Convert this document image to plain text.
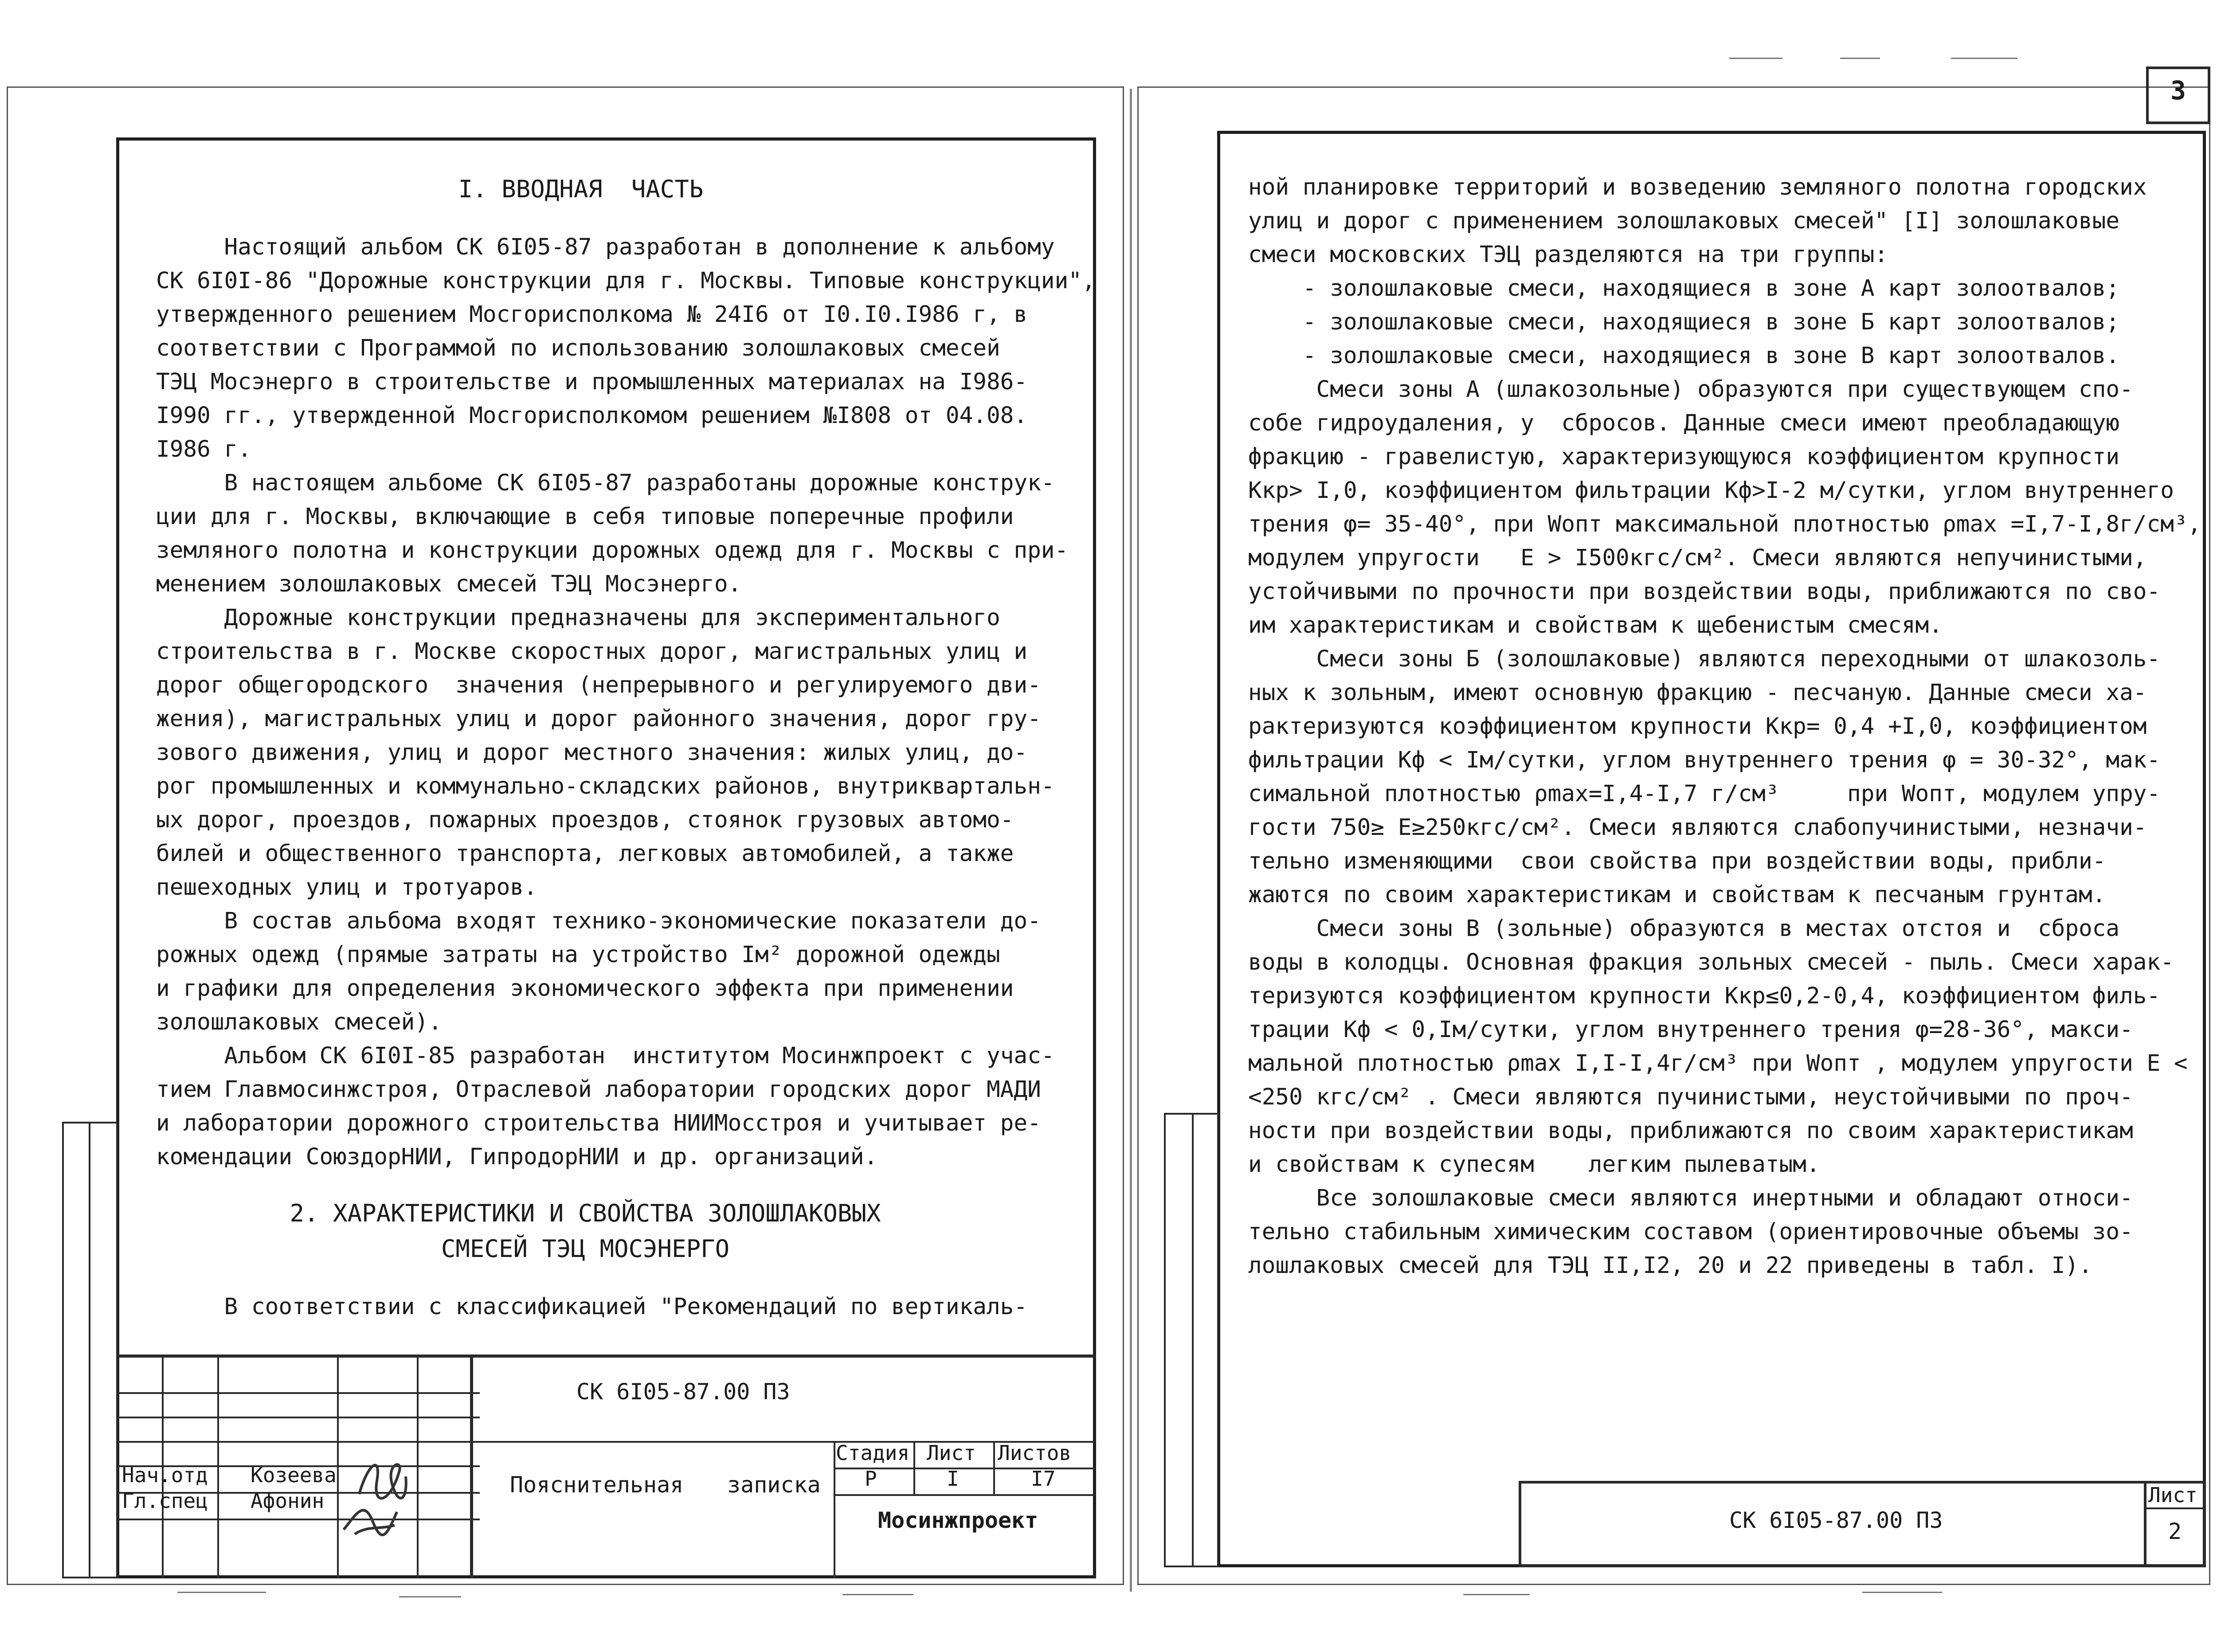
I. ВВОДНАЯ  ЧАСТЬ
Настоящий альбом СК 6I05-87 разработан в дополнение к альбому
СК 6I0I-86 "Дорожные конструкции для г. Москвы. Типовые конструкции",
утвержденного решением Мосгорисполкома № 24I6 от I0.I0.I986 г, в
соответствии с Программой по использованию золошлаковых смесей
ТЭЦ Мосэнерго в строительстве и промышленных материалах на I986-
I990 гг., утвержденной Мосгорисполкомом решением №I808 от 04.08.
I986 г.
В настоящем альбоме СК 6I05-87 разработаны дорожные конструк-
ции для г. Москвы, включающие в себя типовые поперечные профили
земляного полотна и конструкции дорожных одежд для г. Москвы с при-
менением золошлаковых смесей ТЭЦ Мосэнерго.
Дорожные конструкции предназначены для экспериментального
строительства в г. Москве скоростных дорог, магистральных улиц и
дорог общегородского  значения (непрерывного и регулируемого дви-
жения), магистральных улиц и дорог районного значения, дорог гру-
зового движения, улиц и дорог местного значения: жилых улиц, до-
рог промышленных и коммунально-складских районов, внутриквартальн-
ых дорог, проездов, пожарных проездов, стоянок грузовых автомо-
билей и общественного транспорта, легковых автомобилей, а также
пешеходных улиц и тротуаров.
В состав альбома входят технико-экономические показатели до-
рожных одежд (прямые затраты на устройство Iм² дорожной одежды
и графики для определения экономического эффекта при применении
золошлаковых смесей).
Альбом СК 6I0I-85 разработан  институтом Мосинжпроект с учас-
тием Главмосинжстроя, Отраслевой лаборатории городских дорог МАДИ
и лаборатории дорожного строительства НИИМосстроя и учитывает ре-
комендации СоюздорНИИ, ГипродорНИИ и др. организаций.
2. ХАРАКТЕРИСТИКИ И СВОЙСТВА ЗОЛОШЛАКОВЫХ
СМЕСЕЙ ТЭЦ МОСЭНЕРГО
В соответствии с классификацией "Рекомендаций по вертикаль-
СК 6I05-87.00 ПЗ
Пояснительная записка
Стадия Лист Листов
Р	I	I7
Мосинжпроект
Нач.отд Козеева
Гл.спец Афонин
3
ной планировке территорий и возведению земляного полотна городских
улиц и дорог с применением золошлаковых смесей" [I] золошлаковые
смеси московских ТЭЦ разделяются на три группы:
- золошлаковые смеси, находящиеся в зоне А карт золоотвалов;
- золошлаковые смеси, находящиеся в зоне Б карт золоотвалов;
- золошлаковые смеси, находящиеся в зоне В карт золоотвалов.
Смеси зоны А (шлакозольные) образуются при существующем спо-
собе гидроудаления, у  сбросов. Данные смеси имеют преобладающую
фракцию - гравелистую, характеризующуюся коэффициентом крупности
Kкр> I,0, коэффициентом фильтрации Kф>I-2 м/сутки, углом внутреннего
трения φ= 35-40°, при Wопт максимальной плотностью ρmax =I,7-I,8г/см³,
модулем упругости   E > I500кгс/см². Смеси являются непучинистыми,
устойчивыми по прочности при воздействии воды, приближаются по сво-
им характеристикам и свойствам к щебенистым смесям.
Смеси зоны Б (золошлаковые) являются переходными от шлакозоль-
ных к зольным, имеют основную фракцию - песчаную. Данные смеси ха-
рактеризуются коэффициентом крупности Kкр= 0,4 +I,0, коэффициентом
фильтрации Kф < Iм/сутки, углом внутреннего трения φ = 30-32°, мак-
симальной плотностью ρmax=I,4-I,7 г/см³     при Wопт, модулем упру-
гости 750≥ E≥250кгс/см². Смеси являются слабопучинистыми, незначи-
тельно изменяющими  свои свойства при воздействии воды, прибли-
жаются по своим характеристикам и свойствам к песчаным грунтам.
Смеси зоны В (зольные) образуются в местах отстоя и  сброса
воды в колодцы. Основная фракция зольных смесей - пыль. Смеси харак-
теризуются коэффициентом крупности Kкр≤0,2-0,4, коэффициентом филь-
трации Kф < 0,Iм/сутки, углом внутреннего трения φ=28-36°, макси-
мальной плотностью ρmax I,I-I,4г/см³ при Wопт , модулем упругости E <
<250 кгс/см² . Смеси являются пучинистыми, неустойчивыми по проч-
ности при воздействии воды, приближаются по своим характеристикам
и свойствам к супесям    легким пылеватым.
Все золошлаковые смеси являются инертными и обладают относи-
тельно стабильным химическим составом (ориентировочные объемы зо-
лошлаковых смесей для ТЭЦ II,I2, 20 и 22 приведены в табл. I).
СК 6I05-87.00 ПЗ
Лист
2
